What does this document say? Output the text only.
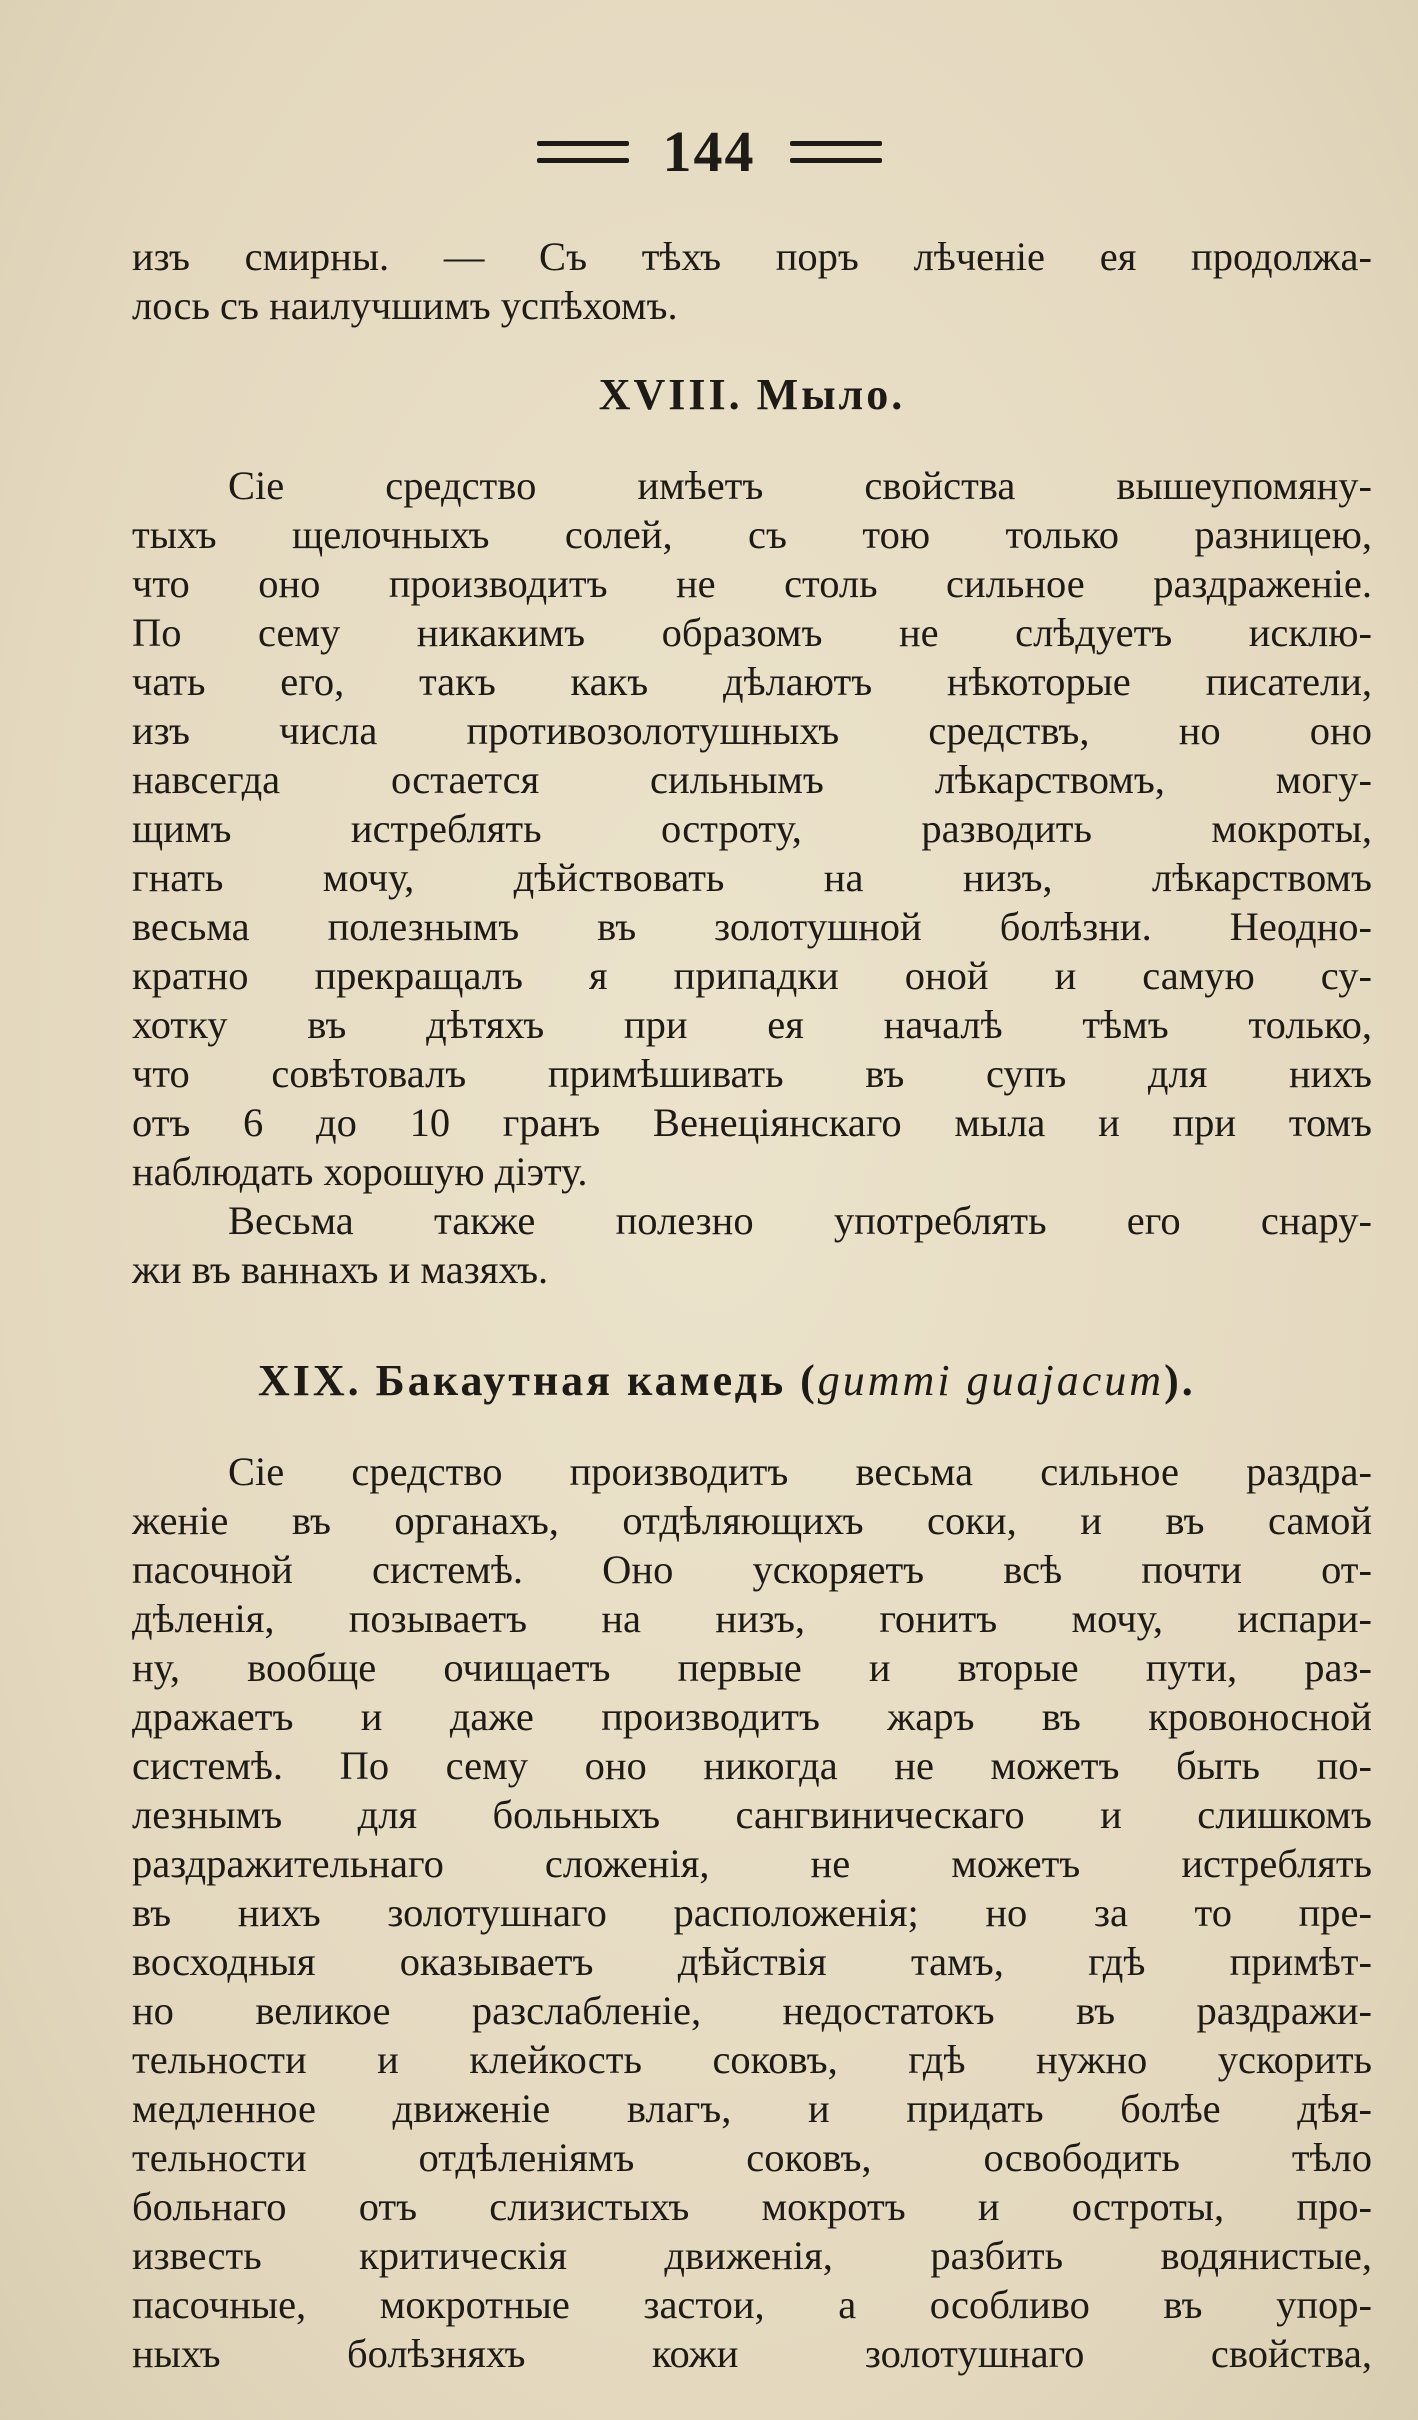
144
изъ смирны. — Съ тѣхъ поръ лѣченіе ея продолжа-
лось съ наилучшимъ успѣхомъ.
XVIII. Мыло.
Сіе средство имѣетъ свойства вышеупомяну-
тыхъ щелочныхъ солей, съ тою только разницею,
что оно производитъ не столь сильное раздраженіе.
По сему никакимъ образомъ не слѣдуетъ исклю-
чать его, такъ какъ дѣлаютъ нѣкоторые писатели,
изъ числа противозолотушныхъ средствъ, но оно
навсегда остается сильнымъ лѣкарствомъ, могу-
щимъ истреблять остроту, разводить мокроты,
гнать мочу, дѣйствовать на низъ, лѣкарствомъ
весьма полезнымъ въ золотушной болѣзни. Неодно-
кратно прекращалъ я припадки оной и самую су-
хотку въ дѣтяхъ при ея началѣ тѣмъ только,
что совѣтовалъ примѣшивать въ супъ для нихъ
отъ 6 до 10 гранъ Венеціянскаго мыла и при томъ
наблюдать хорошую діэту.
Весьма также полезно употреблять его снару-
жи въ ваннахъ и мазяхъ.
XIX. Бакаутная камедь (gummi guajacum).
Сіе средство производитъ весьма сильное раздра-
женіе въ органахъ, отдѣляющихъ соки, и въ самой
пасочной системѣ. Оно ускоряетъ всѣ почти от-
дѣленія, позываетъ на низъ, гонитъ мочу, испари-
ну, вообще очищаетъ первые и вторые пути, раз-
дражаетъ и даже производитъ жаръ въ кровоносной
системѣ. По сему оно никогда не можетъ быть по-
лезнымъ для больныхъ сангвиническаго и слишкомъ
раздражительнаго сложенія, не можетъ истреблять
въ нихъ золотушнаго расположенія; но за то пре-
восходныя оказываетъ дѣйствія тамъ, гдѣ примѣт-
но великое разслабленіе, недостатокъ въ раздражи-
тельности и клейкость соковъ, гдѣ нужно ускорить
медленное движеніе влагъ, и придать болѣе дѣя-
тельности отдѣленіямъ соковъ, освободить тѣло
больнаго отъ слизистыхъ мокротъ и остроты, про-
известь критическія движенія, разбить водянистые,
пасочные, мокротные застои, а особливо въ упор-
ныхъ болѣзняхъ кожи золотушнаго свойства,
